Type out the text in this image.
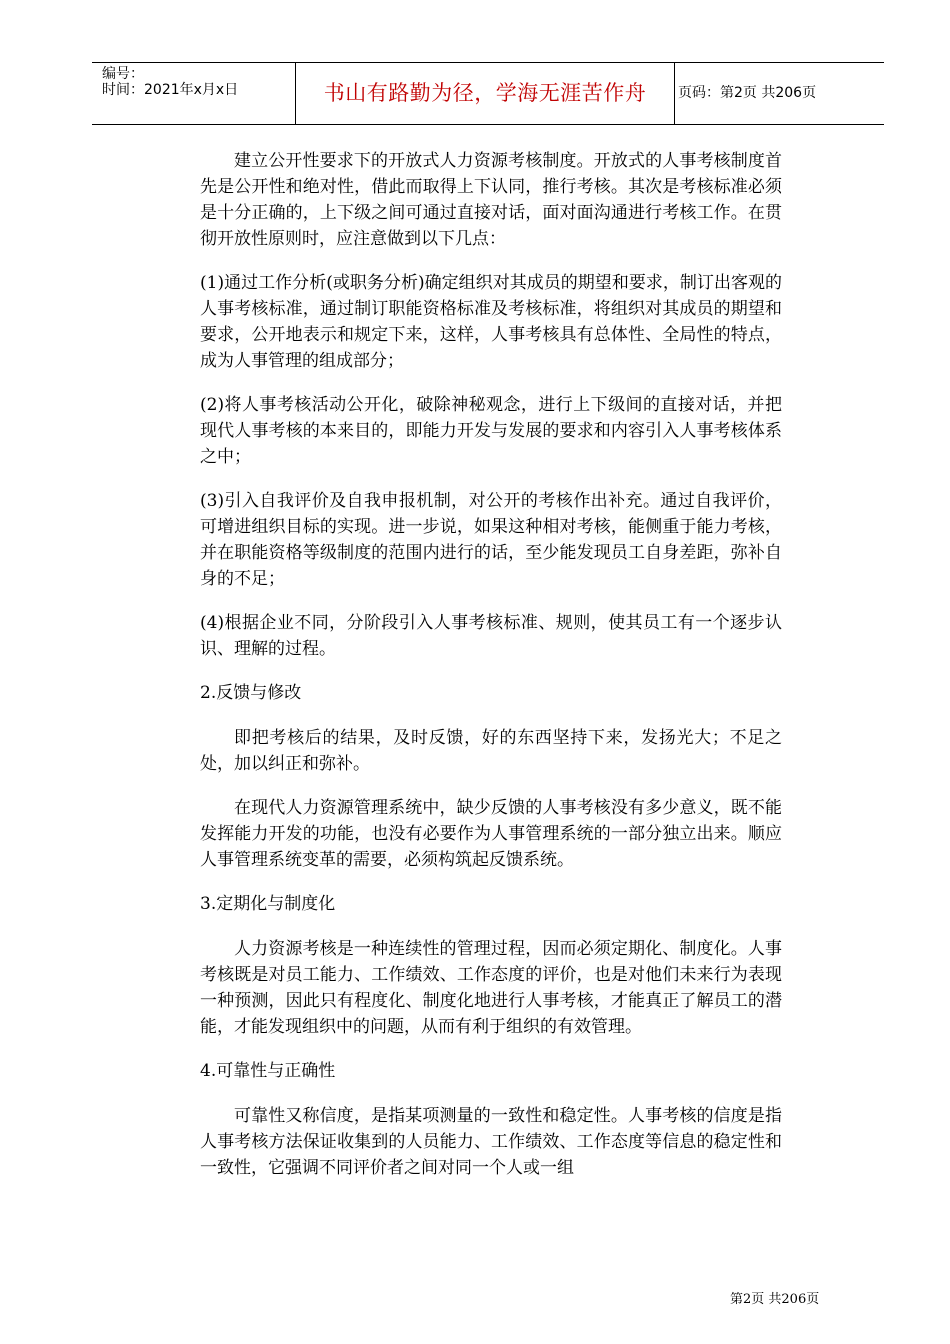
编号：
时间：2021年x月x日	书山有路勤为径，学海无涯苦作舟	页码：第2页 共206页

建立公开性要求下的开放式人力资源考核制度。开放式的人事考核制度首先是公开性和绝对性，借此而取得上下认同，推行考核。其次是考核标准必须是十分正确的，上下级之间可通过直接对话，面对面沟通进行考核工作。在贯彻开放性原则时，应注意做到以下几点：

(1)通过工作分析(或职务分析)确定组织对其成员的期望和要求，制订出客观的人事考核标准，通过制订职能资格标准及考核标准，将组织对其成员的期望和要求，公开地表示和规定下来，这样，人事考核具有总体性、全局性的特点，成为人事管理的组成部分；

(2)将人事考核活动公开化，破除神秘观念，进行上下级间的直接对话，并把现代人事考核的本来目的，即能力开发与发展的要求和内容引入人事考核体系之中；

(3)引入自我评价及自我申报机制，对公开的考核作出补充。通过自我评价，可增进组织目标的实现。进一步说，如果这种相对考核，能侧重于能力考核，并在职能资格等级制度的范围内进行的话，至少能发现员工自身差距，弥补自身的不足；

(4)根据企业不同，分阶段引入人事考核标准、规则，使其员工有一个逐步认识、理解的过程。

2.反馈与修改

即把考核后的结果，及时反馈，好的东西坚持下来，发扬光大；不足之处，加以纠正和弥补。

在现代人力资源管理系统中，缺少反馈的人事考核没有多少意义，既不能发挥能力开发的功能，也没有必要作为人事管理系统的一部分独立出来。顺应人事管理系统变革的需要，必须构筑起反馈系统。

3.定期化与制度化

人力资源考核是一种连续性的管理过程，因而必须定期化、制度化。人事考核既是对员工能力、工作绩效、工作态度的评价，也是对他们未来行为表现一种预测，因此只有程度化、制度化地进行人事考核，才能真正了解员工的潜能，才能发现组织中的问题，从而有利于组织的有效管理。

4.可靠性与正确性

可靠性又称信度，是指某项测量的一致性和稳定性。人事考核的信度是指人事考核方法保证收集到的人员能力、工作绩效、工作态度等信息的稳定性和一致性，它强调不同评价者之间对同一个人或一组

第2页 共206页
